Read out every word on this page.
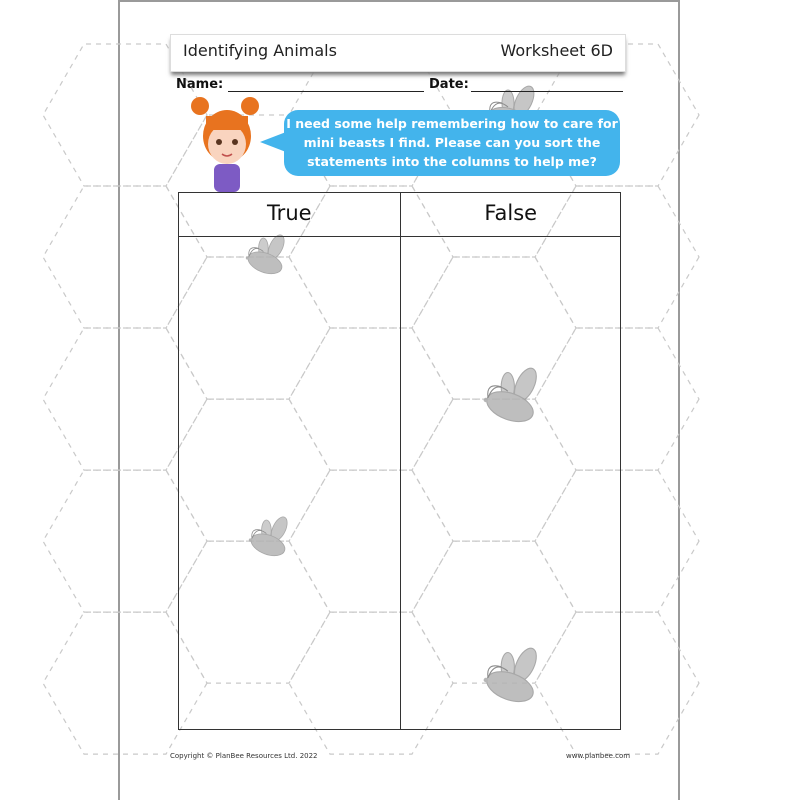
Identifying Animals	Worksheet 6D
Name:	Date:
I need some help remembering how to care for mini beasts I find. Please can you sort the statements into the columns to help me?
True	False
Copyright © PlanBee Resources Ltd. 2022	www.planbee.com
